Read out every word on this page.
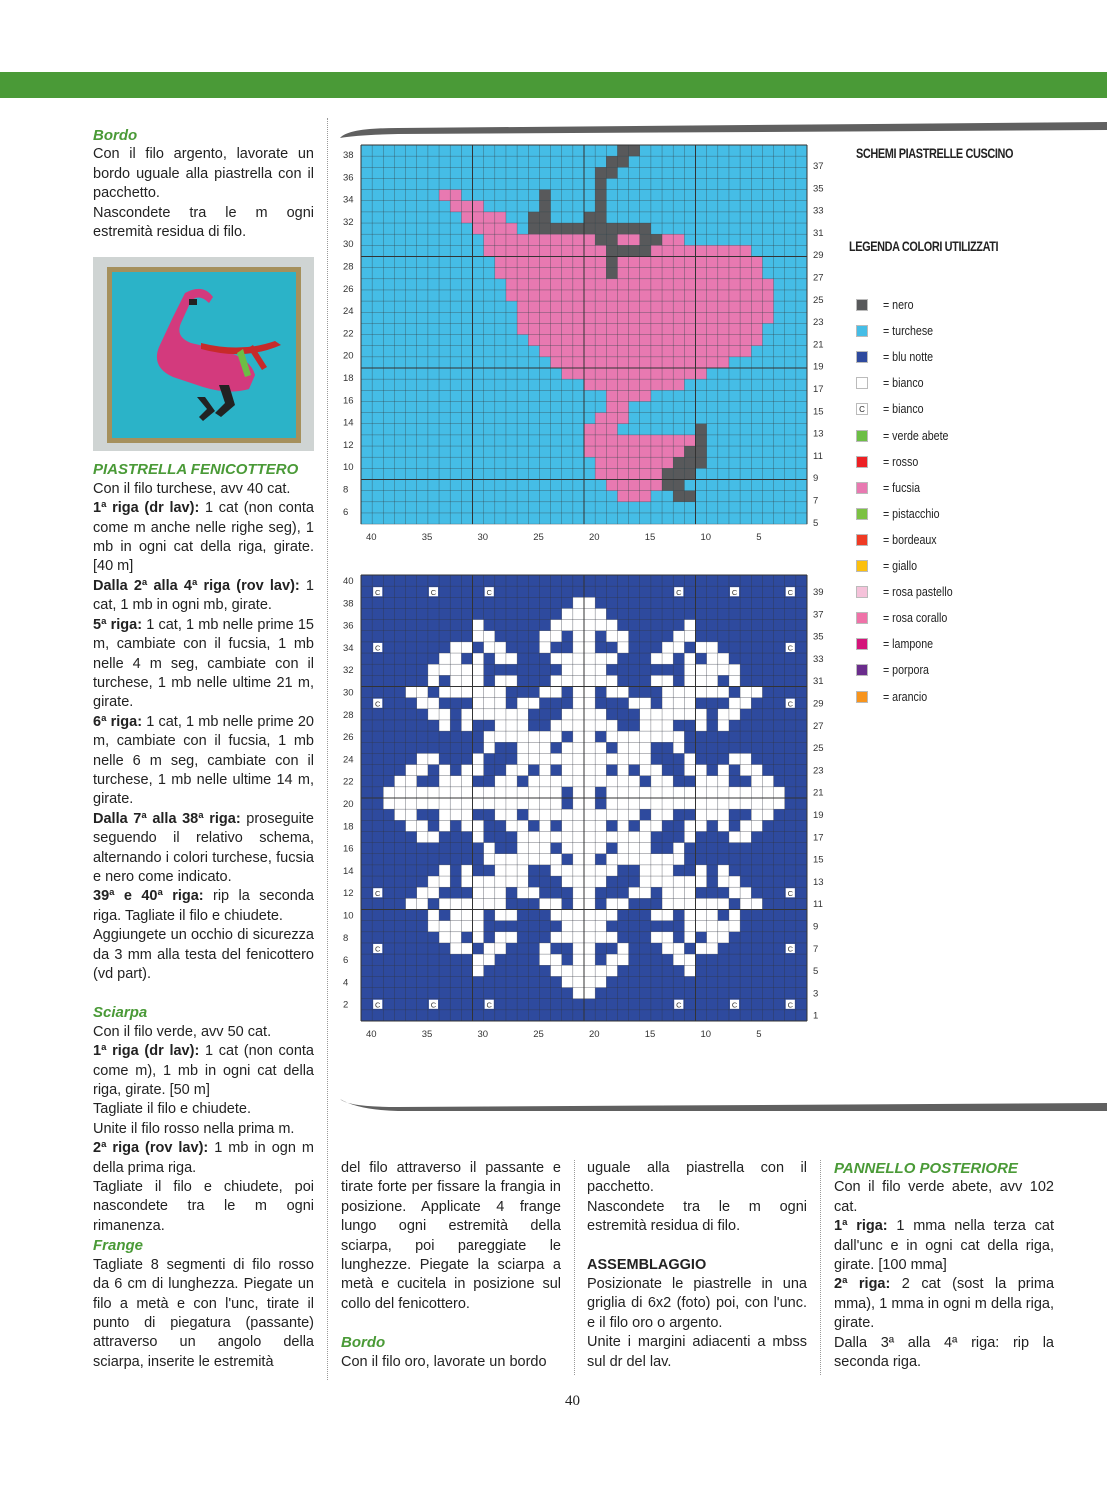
Bordo

Con il filo argento, lavorate un bordo uguale alla piastrella con il pacchetto.

Nascondete tra le m ogni estremità residua di filo.

PIASTRELLA FENICOTTERO

Con il filo turchese, avv 40 cat.

1ª riga (dr lav): 1 cat (non conta come m anche nelle righe seg), 1 mb in ogni cat della riga, girate. [40 m]

Dalla 2ª alla 4ª riga (rov lav): 1 cat, 1 mb in ogni mb, girate.

5ª riga: 1 cat, 1 mb nelle prime 15 m, cambiate con il fucsia, 1 mb nelle 4 m seg, cambiate con il turchese, 1 mb nelle ultime 21 m, girate.

6ª riga: 1 cat, 1 mb nelle prime 20 m, cambiate con il fucsia, 1 mb nelle 6 m seg, cambiate con il turchese, 1 mb nelle ultime 14 m, girate.

Dalla 7ª alla 38ª riga: proseguite seguendo il relativo schema, alternando i colori turchese, fucsia e nero come indicato.

39ª e 40ª riga: rip la seconda riga. Tagliate il filo e chiudete.

Aggiungete un occhio di sicurezza da 3 mm alla testa del fenicottero (vd part).

Sciarpa

Con il filo verde, avv 50 cat.

1ª riga (dr lav): 1 cat (non conta come m), 1 mb in ogni cat della riga, girate. [50 m]

Tagliate il filo e chiudete.

Unite il filo rosso nella prima m.

2ª riga (rov lav): 1 mb in ogn m della prima riga.

Tagliate il filo e chiudete, poi nascondete tra le m ogni rimanenza.

Frange

Tagliate 8 segmenti di filo rosso da 6 cm di lunghezza. Piegate un filo a metà e con l'unc, tirate il punto di piegatura (passante) attraverso un angolo della sciarpa, inserite le estremità

del filo attraverso il passante e tirate forte per fissare la frangia in posizione. Applicate 4 frange lungo ogni estremità della sciarpa, poi pareggiate le lunghezze. Piegate la sciarpa a metà e cucitela in posizione sul collo del fenicottero.

Bordo

Con il filo oro, lavorate un bordo

uguale alla piastrella con il pacchetto.

Nascondete tra le m ogni estremità residua di filo.

ASSEMBLAGGIO

Posizionate le piastrelle in una griglia di 6x2 (foto) poi, con l'unc. e il filo oro o argento.

Unite i margini adiacenti a mbss sul dr del lav.

PANNELLO POSTERIORE

Con il filo verde abete, avv 102 cat.

1ª riga: 1 mma nella terza cat dall'unc e in ogni cat della riga, girate. [100 mma]

2ª riga: 2 cat (sost la prima mma), 1 mma in ogni m della riga, girate.

Dalla 3ª alla 4ª riga: rip la seconda riga.

38
36
34
32
30
28
26
24
22
20
18
16
14
12
10
8
6
37
35
33
31
29
27
25
23
21
19
17
15
13
11
9
7
5
40	35	30	25	20	15	10	5
C	C	C	C	C	C
C	C
C	C
C	C
C	C
C	C	C	C	C	C
40
38
36
34
32
30
28
26
24
22
20
18
16
14
12
10
8
6
4
2
39
37
35
33
31
29
27
25
23
21
19
17
15
13
11
9
7
5
3
1
40	35	30	25	20	15	10	5
SCHEMI PIASTRELLE CUSCINO
LEGENDA COLORI UTILIZZATI
= nero
= turchese
= blu notte
= bianco
C = bianco
= verde abete
= rosso
= fucsia
= pistacchio
= bordeaux
= giallo
= rosa pastello
= rosa corallo
= lampone
= porpora
= arancio
40
